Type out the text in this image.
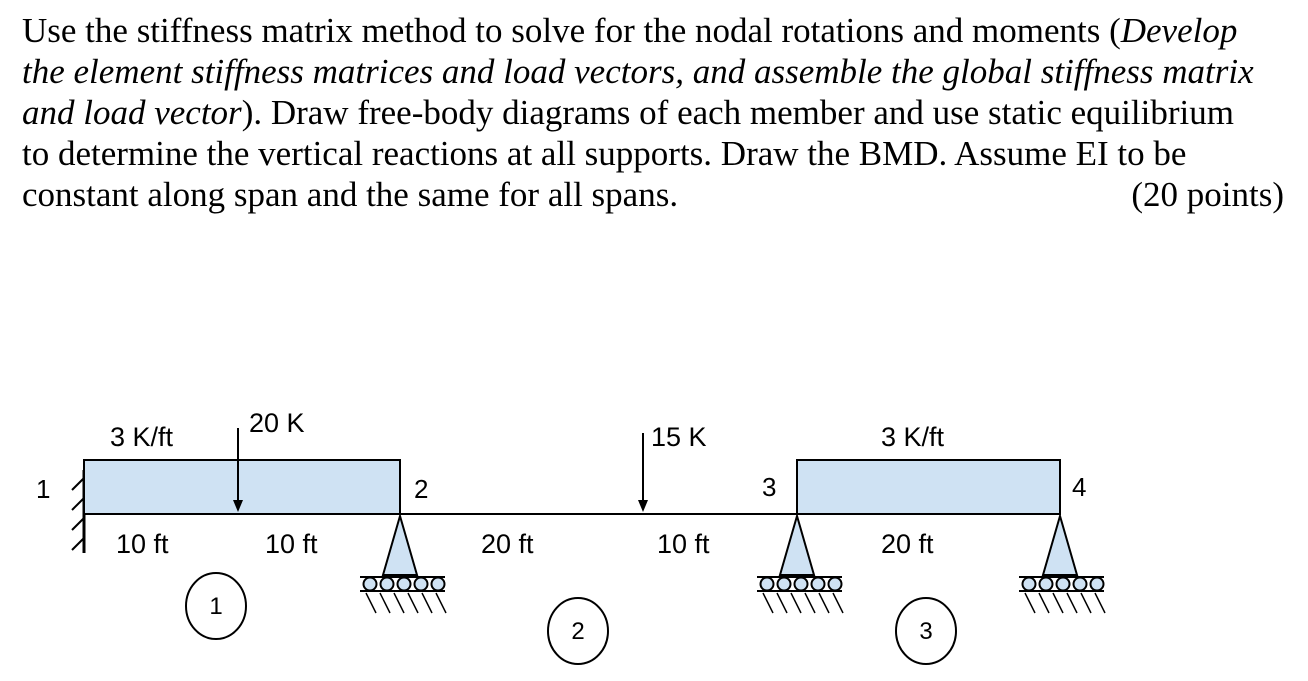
Use the stiffness matrix method to solve for the nodal rotations and moments (Develop

the element stiffness matrices and load vectors, and assemble the global stiffness matrix

and load vector). Draw free-body diagrams of each member and use static equilibrium

to determine the vertical reactions at all supports. Draw the BMD. Assume EI to be

constant along span and the same for all spans.	(20 points)

3 K/ft	20 K	15 K	3 K/ft
1	2	3	4
10 ft	10 ft	20 ft	10 ft	20 ft
1
2	3
